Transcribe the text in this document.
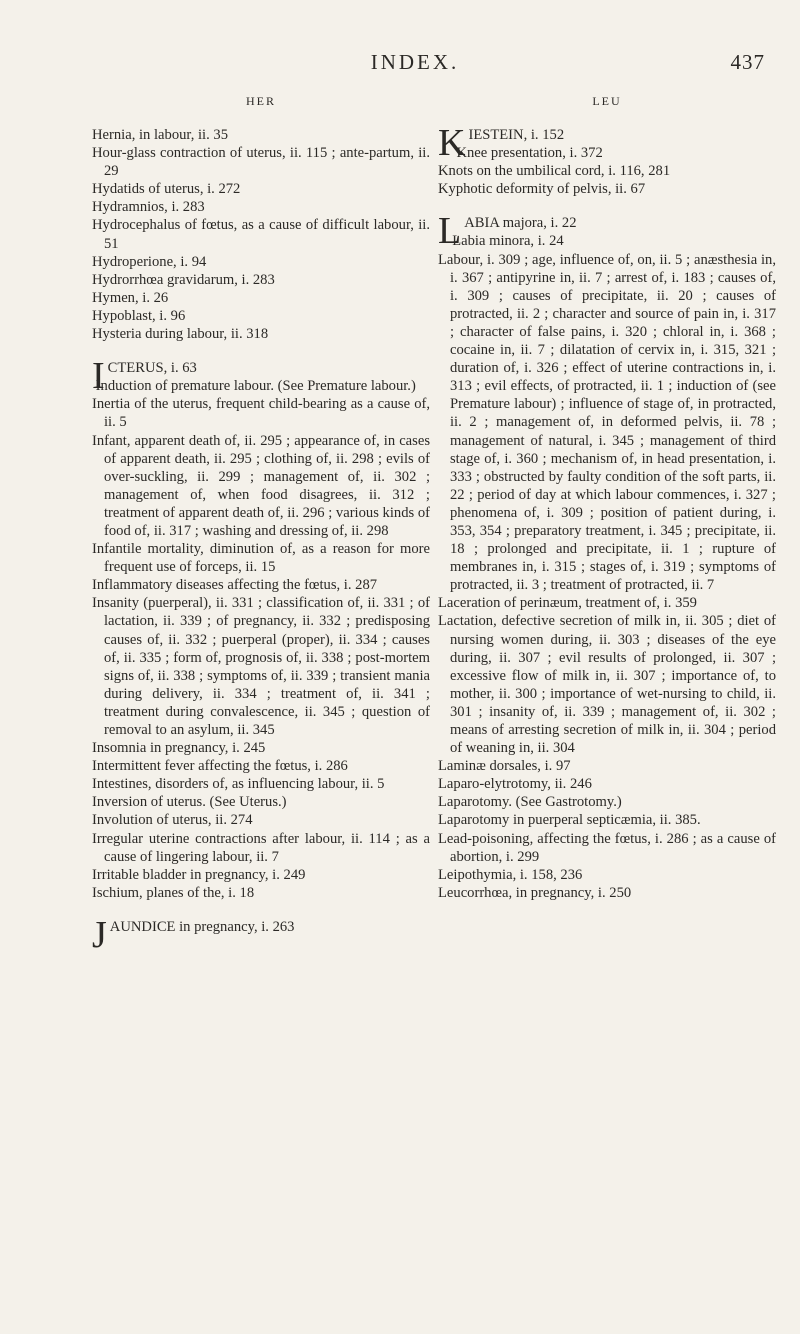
INDEX.	437
HER	LEU

Hernia, in labour, ii. 35

Hour-glass contraction of uterus, ii. 115 ; ante-partum, ii. 29

Hydatids of uterus, i. 272

Hydramnios, i. 283

Hydrocephalus of fœtus, as a cause of difficult labour, ii. 51

Hydroperione, i. 94

Hydrorrhœa gravidarum, i. 283

Hymen, i. 26

Hypoblast, i. 96

Hysteria during labour, ii. 318

ICTERUS, i. 63

Induction of premature labour. (See Premature labour.)

Inertia of the uterus, frequent child-bearing as a cause of, ii. 5

Infant, apparent death of, ii. 295 ; appearance of, in cases of apparent death, ii. 295 ; clothing of, ii. 298 ; evils of over-suckling, ii. 299 ; management of, ii. 302 ; management of, when food disagrees, ii. 312 ; treatment of apparent death of, ii. 296 ; various kinds of food of, ii. 317 ; washing and dressing of, ii. 298

Infantile mortality, diminution of, as a reason for more frequent use of forceps, ii. 15

Inflammatory diseases affecting the fœtus, i. 287

Insanity (puerperal), ii. 331 ; classification of, ii. 331 ; of lactation, ii. 339 ; of pregnancy, ii. 332 ; predisposing causes of, ii. 332 ; puerperal (proper), ii. 334 ; causes of, ii. 335 ; form of, prognosis of, ii. 338 ; post-mortem signs of, ii. 338 ; symptoms of, ii. 339 ; transient mania during delivery, ii. 334 ; treatment of, ii. 341 ; treatment during convalescence, ii. 345 ; question of removal to an asylum, ii. 345

Insomnia in pregnancy, i. 245

Intermittent fever affecting the fœtus, i. 286

Intestines, disorders of, as influencing labour, ii. 5

Inversion of uterus. (See Uterus.)

Involution of uterus, ii. 274

Irregular uterine contractions after labour, ii. 114 ; as a cause of lingering labour, ii. 7

Irritable bladder in pregnancy, i. 249

Ischium, planes of the, i. 18

JAUNDICE in pregnancy, i. 263

KIESTEIN, i. 152

Knee presentation, i. 372

Knots on the umbilical cord, i. 116, 281

Kyphotic deformity of pelvis, ii. 67

LABIA majora, i. 22

Labia minora, i. 24

Labour, i. 309 ; age, influence of, on, ii. 5 ; anæsthesia in, i. 367 ; antipyrine in, ii. 7 ; arrest of, i. 183 ; causes of, i. 309 ; causes of precipitate, ii. 20 ; causes of protracted, ii. 2 ; character and source of pain in, i. 317 ; character of false pains, i. 320 ; chloral in, i. 368 ; cocaine in, ii. 7 ; dilatation of cervix in, i. 315, 321 ; duration of, i. 326 ; effect of uterine contractions in, i. 313 ; evil effects, of protracted, ii. 1 ; induction of (see Premature labour) ; influence of stage of, in protracted, ii. 2 ; management of, in deformed pelvis, ii. 78 ; management of natural, i. 345 ; management of third stage of, i. 360 ; mechanism of, in head presentation, i. 333 ; obstructed by faulty condition of the soft parts, ii. 22 ; period of day at which labour commences, i. 327 ; phenomena of, i. 309 ; position of patient during, i. 353, 354 ; preparatory treatment, i. 345 ; precipitate, ii. 18 ; prolonged and precipitate, ii. 1 ; rupture of membranes in, i. 315 ; stages of, i. 319 ; symptoms of protracted, ii. 3 ; treatment of protracted, ii. 7

Laceration of perinæum, treatment of, i. 359

Lactation, defective secretion of milk in, ii. 305 ; diet of nursing women during, ii. 303 ; diseases of the eye during, ii. 307 ; evil results of prolonged, ii. 307 ; excessive flow of milk in, ii. 307 ; importance of, to mother, ii. 300 ; importance of wet-nursing to child, ii. 301 ; insanity of, ii. 339 ; management of, ii. 302 ; means of arresting secretion of milk in, ii. 304 ; period of weaning in, ii. 304

Laminæ dorsales, i. 97

Laparo-elytrotomy, ii. 246

Laparotomy. (See Gastrotomy.)

Laparotomy in puerperal septicæmia, ii. 385.

Lead-poisoning, affecting the fœtus, i. 286 ; as a cause of abortion, i. 299

Leipothymia, i. 158, 236

Leucorrhœa, in pregnancy, i. 250
